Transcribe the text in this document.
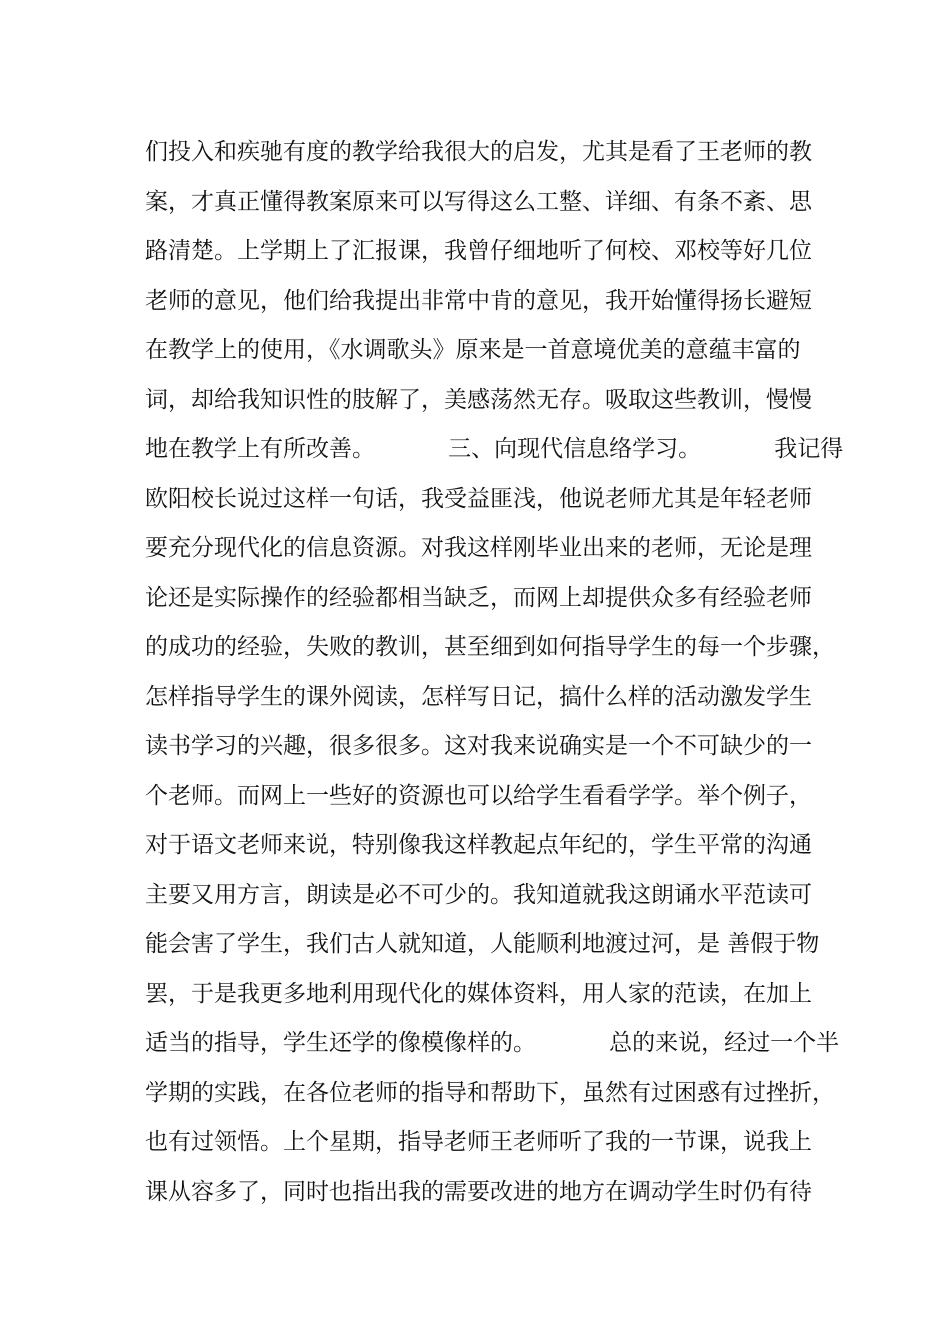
们投入和疾驰有度的教学给我很大的启发，尤其是看了王老师的教
案，才真正懂得教案原来可以写得这么工整、详细、有条不紊、思
路清楚。上学期上了汇报课，我曾仔细地听了何校、邓校等好几位
老师的意见，他们给我提出非常中肯的意见，我开始懂得扬长避短
在教学上的使用，《水调歌头》原来是一首意境优美的意蕴丰富的
词，却给我知识性的肢解了，美感荡然无存。吸取这些教训，慢慢
地在教学上有所改善。          三、向现代信息络学习。          我记得
欧阳校长说过这样一句话，我受益匪浅，他说老师尤其是年轻老师
要充分现代化的信息资源。对我这样刚毕业出来的老师，无论是理
论还是实际操作的经验都相当缺乏，而网上却提供众多有经验老师
的成功的经验，失败的教训，甚至细到如何指导学生的每一个步骤，
怎样指导学生的课外阅读，怎样写日记，搞什么样的活动激发学生
读书学习的兴趣，很多很多。这对我来说确实是一个不可缺少的一
个老师。而网上一些好的资源也可以给学生看看学学。举个例子，
对于语文老师来说，特别像我这样教起点年纪的，学生平常的沟通
主要又用方言，朗读是必不可少的。我知道就我这朗诵水平范读可
能会害了学生，我们古人就知道，人能顺利地渡过河，是 善假于物
罢，于是我更多地利用现代化的媒体资料，用人家的范读，在加上
适当的指导，学生还学的像模像样的。          总的来说，经过一个半
学期的实践，在各位老师的指导和帮助下，虽然有过困惑有过挫折，
也有过领悟。上个星期，指导老师王老师听了我的一节课，说我上
课从容多了，同时也指出我的需要改进的地方在调动学生时仍有待
